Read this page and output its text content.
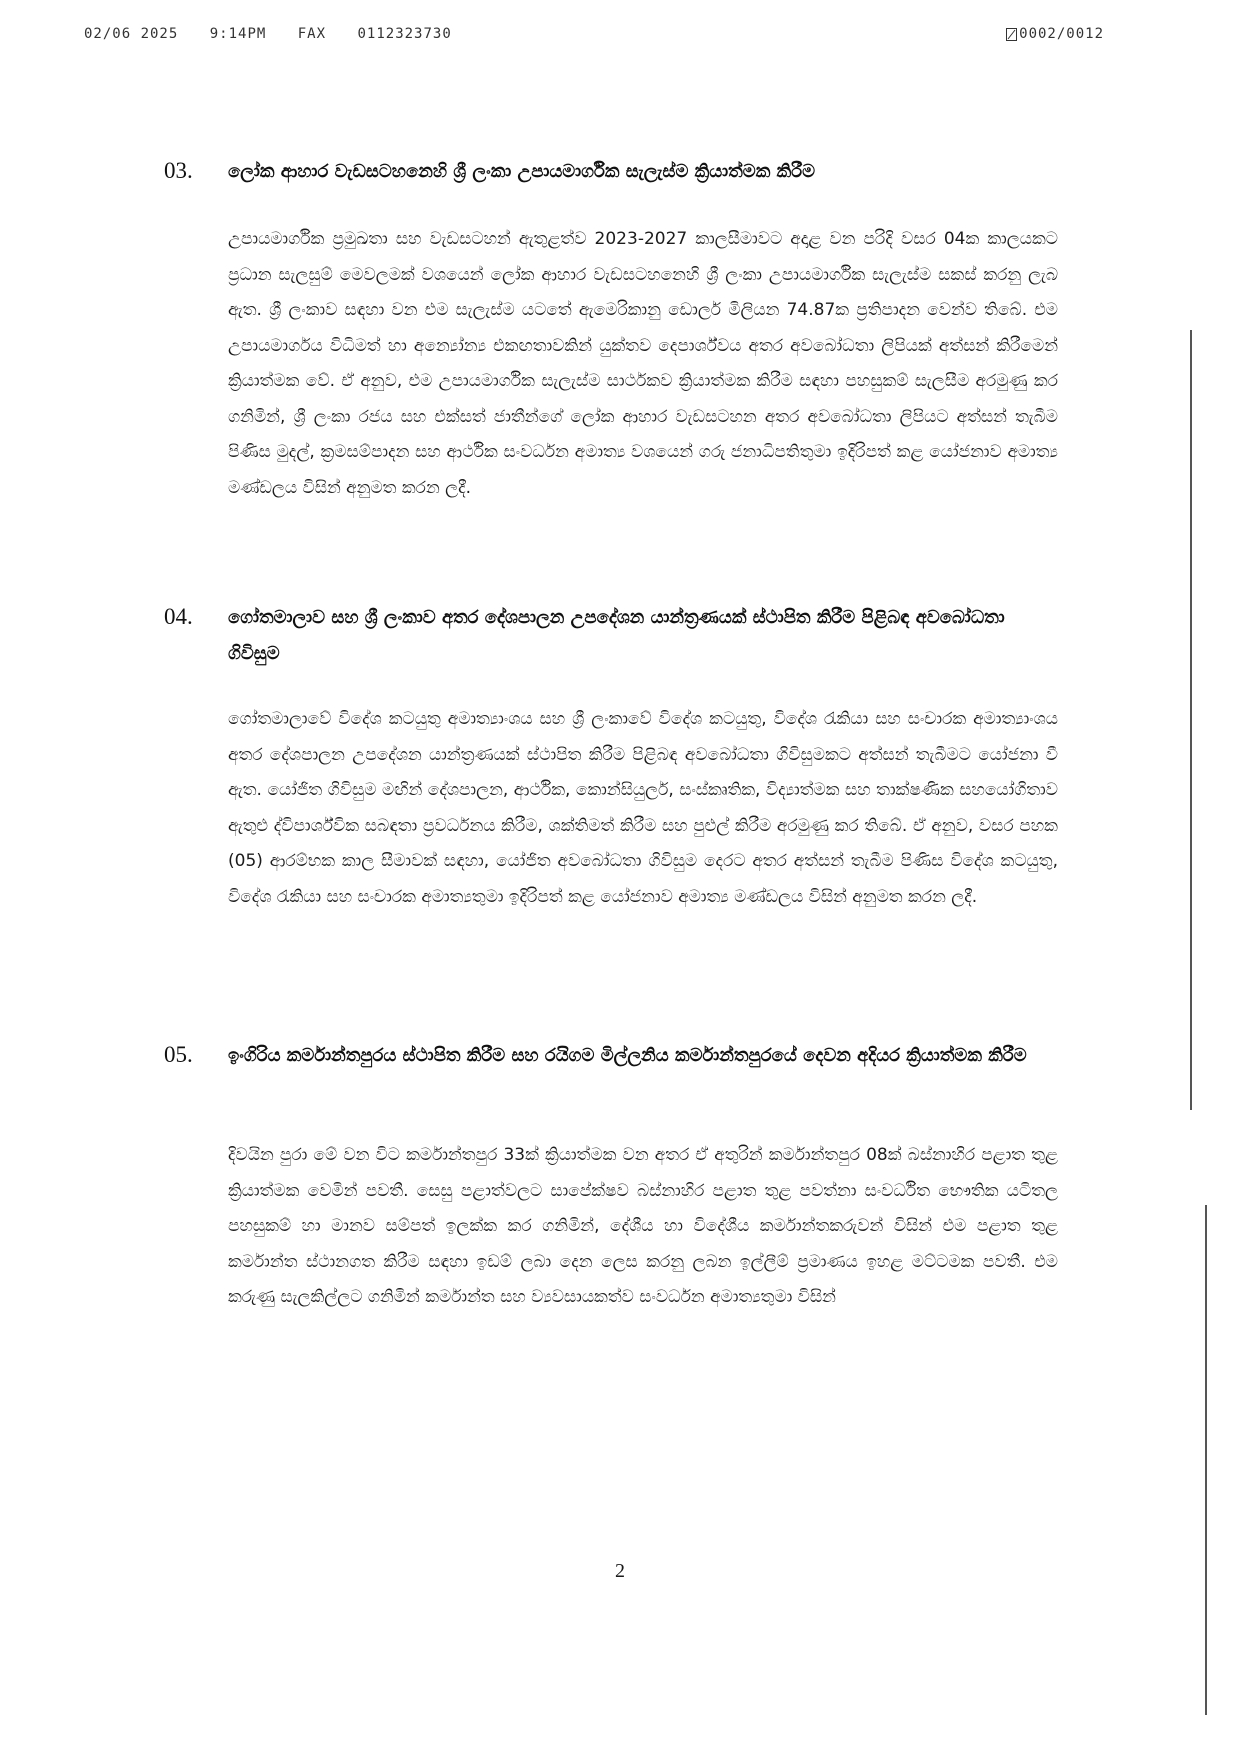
02/06 2025 9:14PM FAX 0112323730	0002/0012
03. ලෝක ආහාර වැඩසටහනෙහි ශ්‍රී ලංකා උපායමාර්ගික සැලැස්ම ක්‍රියාත්මක කිරීම
උපායමාර්ගික ප්‍රමුඛතා සහ වැඩසටහන් ඇතුළත්ව 2023-2027 කාලසීමාවට අදාළ වන පරිදි වසර 04ක කාලයකට ප්‍රධාන සැලසුම් මෙවලමක් වශයෙන් ලෝක ආහාර වැඩසටහනෙහි ශ්‍රී ලංකා උපායමාර්ගික සැලැස්ම සකස් කරනු ලැබ ඇත. ශ්‍රී ලංකාව සඳහා වන එම සැලැස්ම යටතේ ඇමෙරිකානු ඩොලර් මිලියන 74.87ක ප්‍රතිපාදන වෙන්ව තිබේ. එම උපායමාර්ගය විධිමත් හා අන්‍යෝන්‍ය එකඟතාවකින් යුක්තව දෙපාර්ශ්වය අතර අවබෝධතා ලිපියක් අත්සන් කිරීමෙන් ක්‍රියාත්මක වේ. ඒ අනුව, එම උපායමාර්ගික සැලැස්ම සාර්ථකව ක්‍රියාත්මක කිරීම සඳහා පහසුකම් සැලසීම අරමුණු කර ගනිමින්, ශ්‍රී ලංකා රජය සහ එක්සත් ජාතීන්ගේ ලෝක ආහාර වැඩසටහන අතර අවබෝධතා ලිපියට අත්සන් තැබීම පිණිස මුදල්, ක්‍රමසම්පාදන සහ ආර්ථික සංවර්ධන අමාත්‍ය වශයෙන් ගරු ජනාධිපතිතුමා ඉදිරිපත් කළ යෝජනාව අමාත්‍ය මණ්ඩලය විසින් අනුමත කරන ලදී.
04. ගෝතමාලාව සහ ශ්‍රී ලංකාව අතර දේශපාලන උපදේශන යාන්ත්‍රණයක් ස්ථාපිත කිරීම පිළිබඳ අවබෝධතා ගිවිසුම
ගෝතමාලාවේ විදේශ කටයුතු අමාත්‍යාංශය සහ ශ්‍රී ලංකාවේ විදේශ කටයුතු, විදේශ රැකියා සහ සංචාරක අමාත්‍යාංශය අතර දේශපාලන උපදේශන යාන්ත්‍රණයක් ස්ථාපිත කිරීම පිළිබඳ අවබෝධතා ගිවිසුමකට අත්සන් තැබීමට යෝජනා වී ඇත. යෝජිත ගිවිසුම මඟින් දේශපාලන, ආර්ථික, කොන්සියුලර්, සංස්කෘතික, විද්‍යාත්මක සහ තාක්ෂණික සහයෝගිතාව ඇතුළු ද්විපාර්ශ්වික සබඳතා ප්‍රවර්ධනය කිරීම, ශක්තිමත් කිරීම සහ පුළුල් කිරීම අරමුණු කර තිබේ. ඒ අනුව, වසර පහක (05) ආරම්භක කාල සීමාවක් සඳහා, යෝජිත අවබෝධතා ගිවිසුම දෙරට අතර අත්සන් තැබීම පිණිස විදේශ කටයුතු, විදේශ රැකියා සහ සංචාරක අමාත්‍යතුමා ඉදිරිපත් කළ යෝජනාව අමාත්‍ය මණ්ඩලය විසින් අනුමත කරන ලදී.
05. ඉංගිරිය කර්මාන්තපුරය ස්ථාපිත කිරීම සහ රයිගම මිල්ලනිය කර්මාන්තපුරයේ දෙවන අදියර ක්‍රියාත්මක කිරීම
දිවයින පුරා මේ වන විට කර්මාන්තපුර 33ක් ක්‍රියාත්මක වන අතර ඒ අතුරින් කර්මාන්තපුර 08ක් බස්නාහිර පළාත තුළ ක්‍රියාත්මක වෙමින් පවතී. සෙසු පළාත්වලට සාපේක්ෂව බස්නාහිර පළාත තුළ පවත්නා සංවර්ධිත භෞතික යටිතල පහසුකම් හා මානව සම්පත් ඉලක්ක කර ගනිමින්, දේශීය හා විදේශීය කර්මාන්තකරුවන් විසින් එම පළාත තුළ කර්මාන්ත ස්ථානගත කිරීම සඳහා ඉඩම් ලබා දෙන ලෙස කරනු ලබන ඉල්ලීම් ප්‍රමාණය ඉහළ මට්ටමක පවතී. එම කරුණු සැලකිල්ලට ගනිමින් කර්මාන්ත සහ ව්‍යවසායකත්ව සංවර්ධන අමාත්‍යතුමා විසින්
2
